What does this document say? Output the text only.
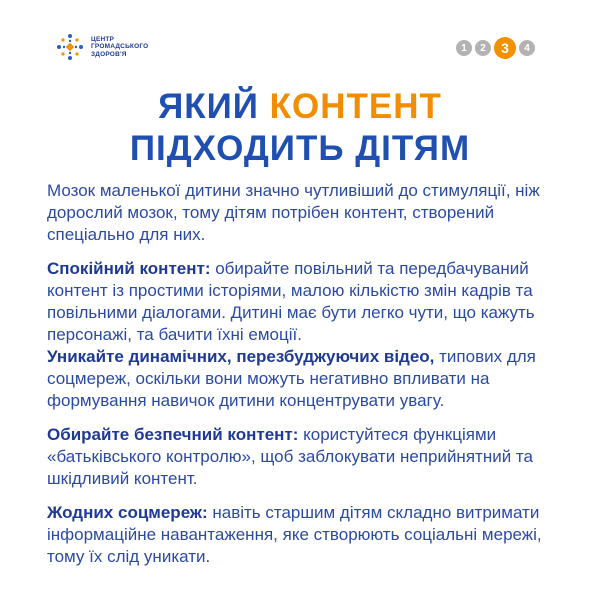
ЦЕНТР
ГРОМАДСЬКОГО
ЗДОРОВ'Я
1	2	3	4
ЯКИЙ КОНТЕНТ
ПІДХОДИТЬ ДІТЯМ

Мозок маленької дитини значно чутливіший до стимуляції, ніж дорослий мозок, тому дітям потрібен контент, створений спеціально для них.

Спокійний контент: обирайте повільний та передбачуваний контент із простими історіями, малою кількістю змін кадрів та повільними діалогами. Дитині має бути легко чути, що кажуть персонажі, та бачити їхні емоції.

Уникайте динамічних, перезбуджуючих відео, типових для соцмереж, оскільки вони можуть негативно впливати на формування навичок дитини концентрувати увагу.

Обирайте безпечний контент: користуйтеся функціями «батьківського контролю», щоб заблокувати неприйнятний та шкідливий контент.

Жодних соцмереж: навіть старшим дітям складно витримати інформаційне навантаження, яке створюють соціальні мережі, тому їх слід уникати.
